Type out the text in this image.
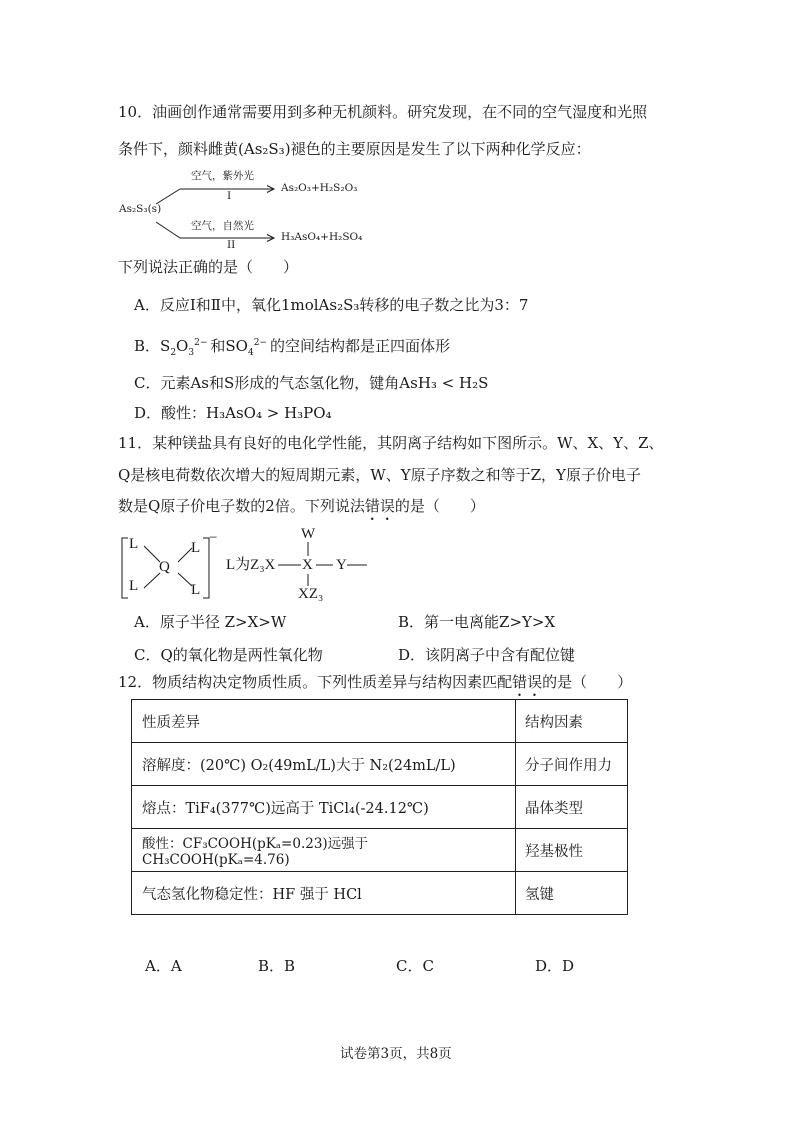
10．油画创作通常需要用到多种无机颜料。研究发现，在不同的空气湿度和光照
条件下，颜料雌黄(As₂S₃)褪色的主要原因是发生了以下两种化学反应：
As₂S₃(s)
空气，紫外光
I
As₂O₃+H₂S₂O₃
空气，自然光
II
H₃AsO₄+H₂SO₄
下列说法正确的是（　　）
A．反应Ⅰ和Ⅱ中，氧化1molAs₂S₃转移的电子数之比为3：7
B．$S_2O_3^{2-}$ 和$SO_4^{2-}$  的空间结构都是正四面体形
C．元素As和S形成的气态氢化物，键角AsH₃ < H₂S
D．酸性：H₃AsO₄ > H₃PO₄
11．某种镁盐具有良好的电化学性能，其阴离子结构如下图所示。W、X、Y、Z、
Q是核电荷数依次增大的短周期元素，W、Y原子序数之和等于Z，Y原子价电子
数是Q原子价电子数的2倍。下列说法错误的是（　　）
L	L
L	L
Q
−
L为Z₃X X Y
W
XZ₃
A．原子半径 Z>X>W	B．第一电离能Z>Y>X
C．Q的氧化物是两性氧化物	D．该阴离子中含有配位键
12．物质结构决定物质性质。下列性质差异与结构因素匹配错误的是（　　）
性质差异	结构因素
溶解度：(20℃) O₂(49mL/L)大于 N₂(24mL/L)	分子间作用力
熔点：TiF₄(377℃)远高于 TiCl₄(-24.12℃)	晶体类型
酸性：CF₃COOH(pKₐ=0.23)远强于 CH₃COOH(pKₐ=4.76)	羟基极性
气态氢化物稳定性：HF 强于 HCl	氢键
A．A	B．B	C．C	D．D
试卷第3页，共8页
